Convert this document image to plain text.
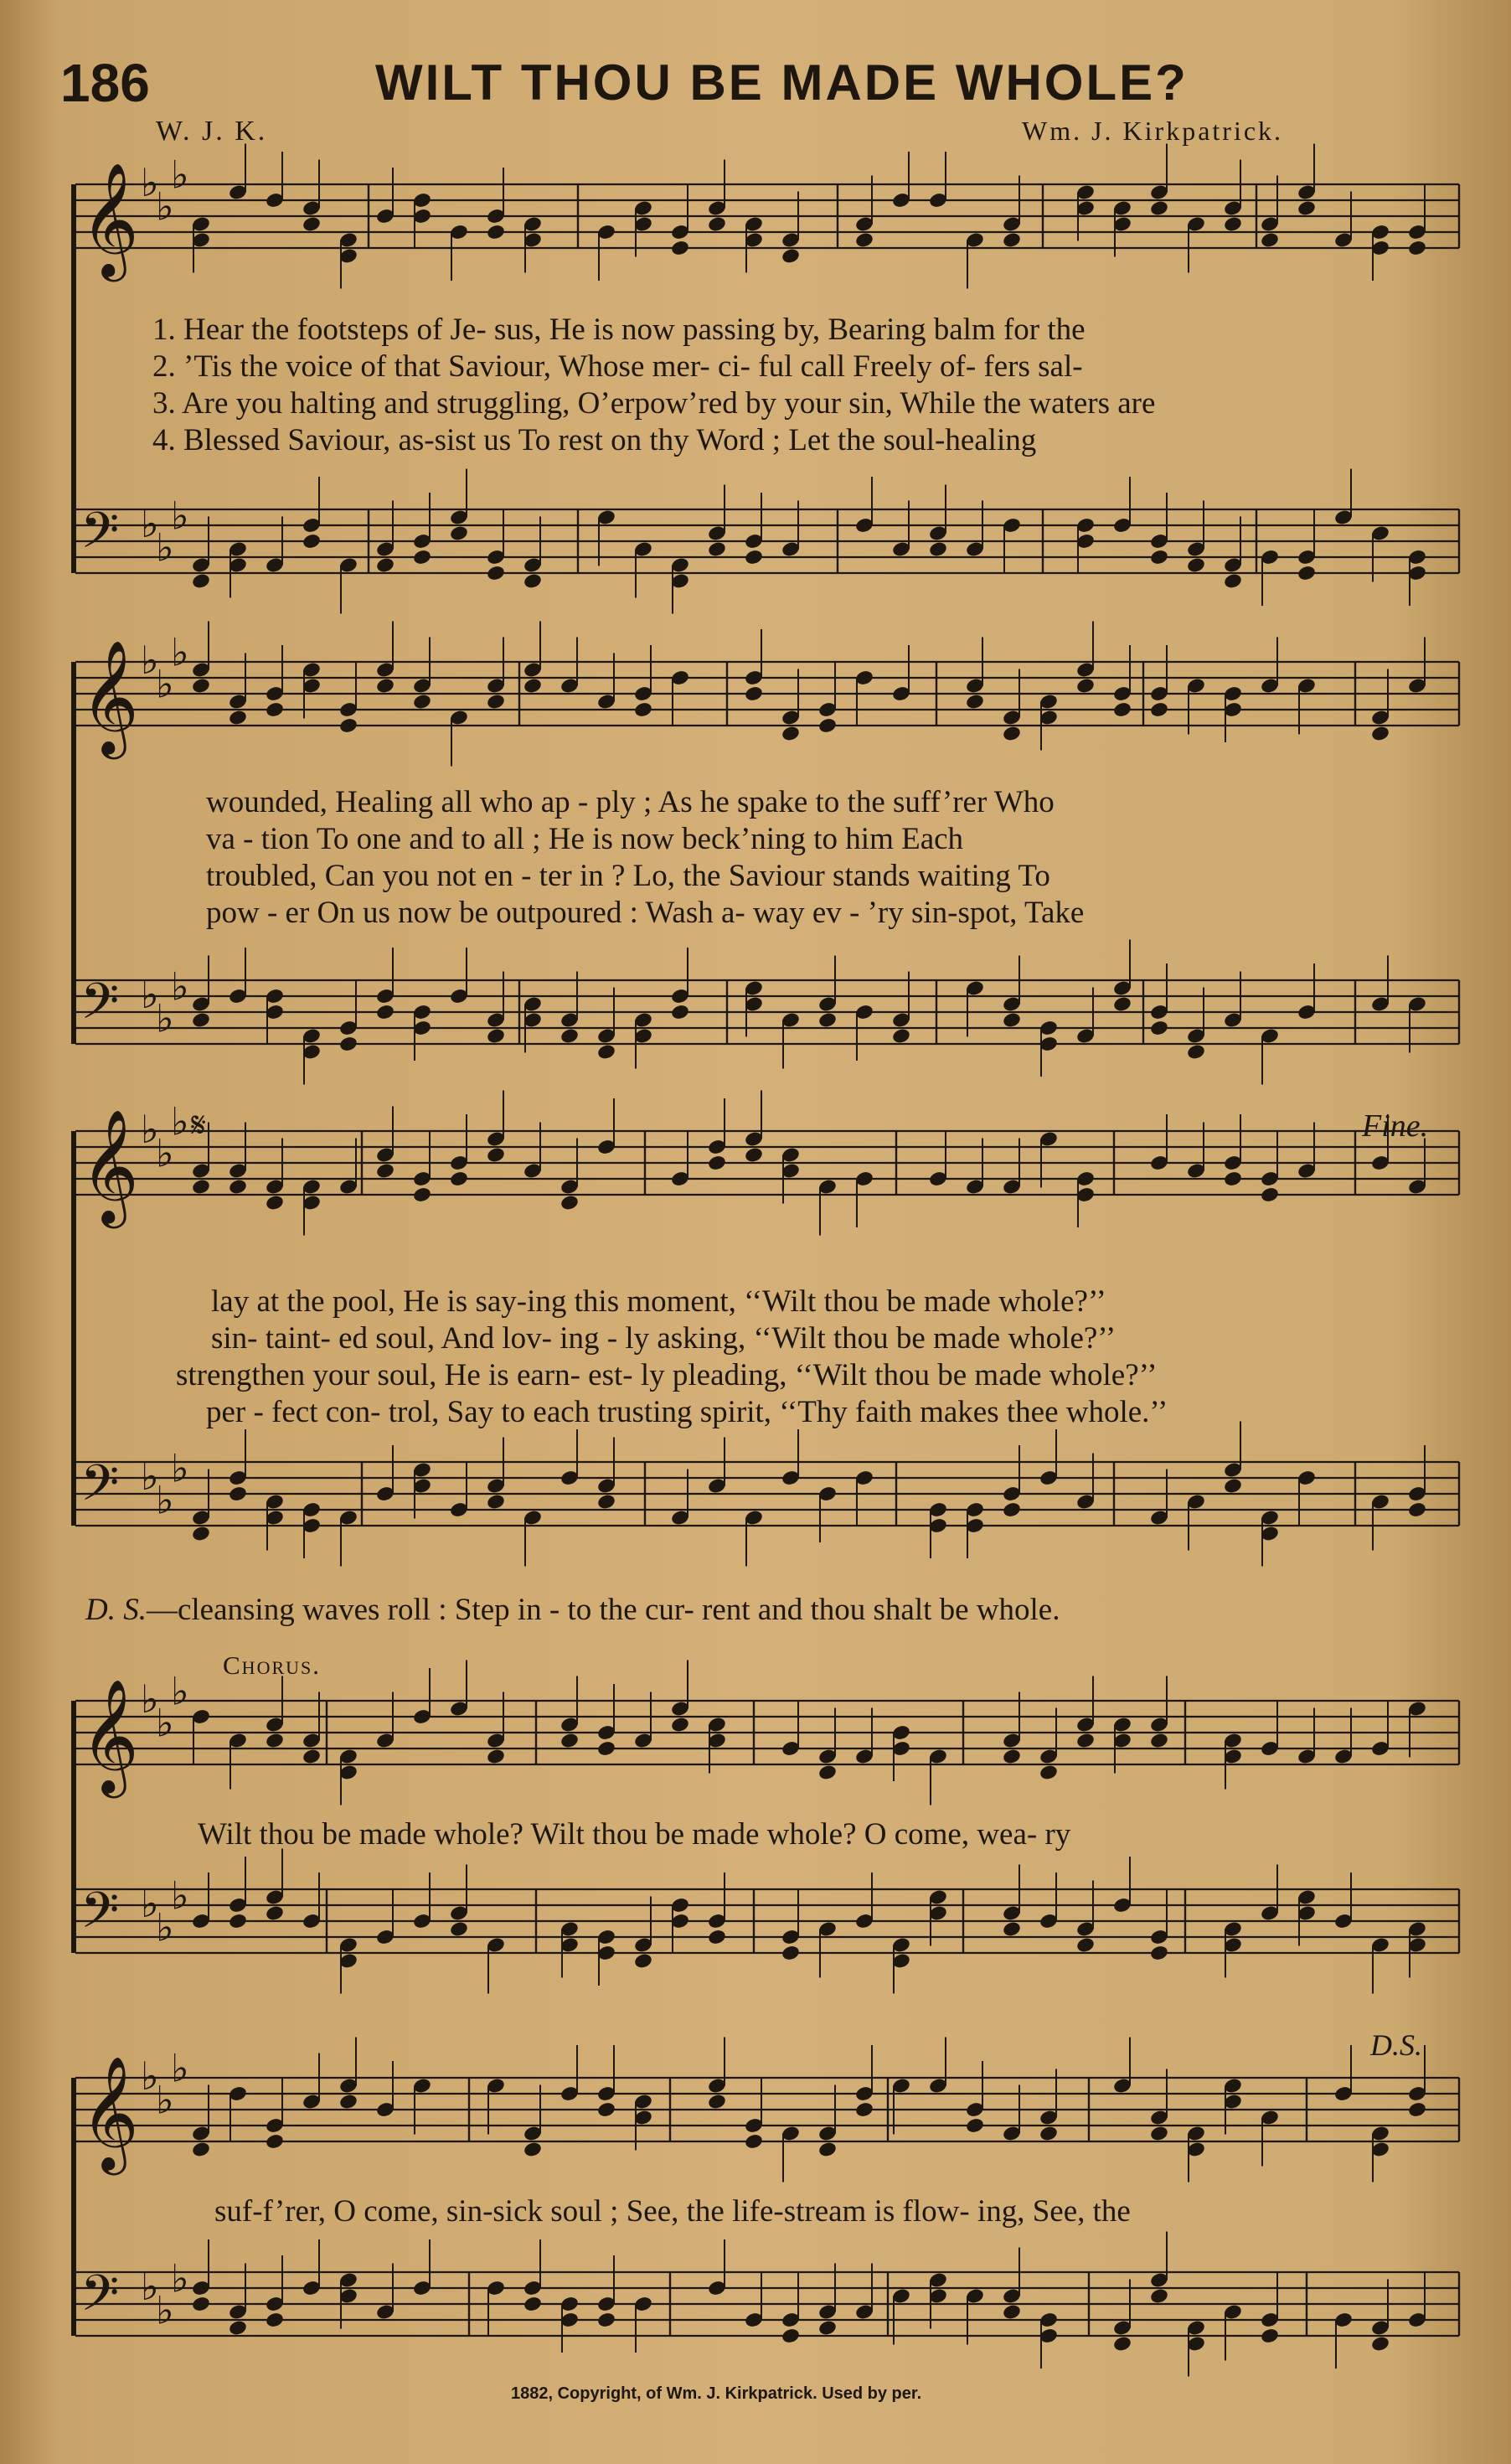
186	WILT THOU BE MADE WHOLE?
W. J. K.	Wm. J. Kirkpatrick.
𝄞 ♭
♭
♭
𝄢 ♭
♭
♭
𝄞 ♭
♭
♭
𝄢 ♭
♭
♭
𝄞 ♭
♭
♭
𝄢 ♭
♭
♭
𝄞 ♭
♭
♭
𝄢 ♭
♭
♭
𝄞 ♭
♭
♭
𝄢 ♭
♭
♭
1. Hear the footsteps of Je- sus, He is now passing by, Bearing balm for the
2. ’Tis the voice of that Saviour, Whose mer- ci- ful call Freely of- fers sal-
3. Are you halting and struggling, O’erpow’red by your sin, While the waters are
4. Blessed Saviour, as-sist us To rest on thy Word ; Let the soul-healing
wounded, Healing all who ap - ply ; As he spake to the suff’rer Who
va - tion To one and to all ; He is now beck’ning to him Each
troubled, Can you not en - ter in ? Lo, the Saviour stands waiting To
pow - er On us now be outpoured : Wash a- way ev - ’ry sin-spot, Take
𝄋	Fine.
lay at the pool, He is say-ing this moment, ‘‘Wilt thou be made whole?’’
sin- taint- ed soul, And lov- ing - ly asking, ‘‘Wilt thou be made whole?’’
strengthen your soul, He is earn- est- ly pleading, ‘‘Wilt thou be made whole?’’
per - fect con- trol, Say to each trusting spirit, ‘‘Thy faith makes thee whole.’’
D. S.—cleansing waves roll : Step in - to the cur- rent and thou shalt be whole.
Chorus.
Wilt thou be made whole? Wilt thou be made whole? O come, wea- ry
D.S.
suf-f’rer, O come, sin-sick soul ; See, the life-stream is flow- ing, See, the
1882, Copyright, of Wm. J. Kirkpatrick. Used by per.
